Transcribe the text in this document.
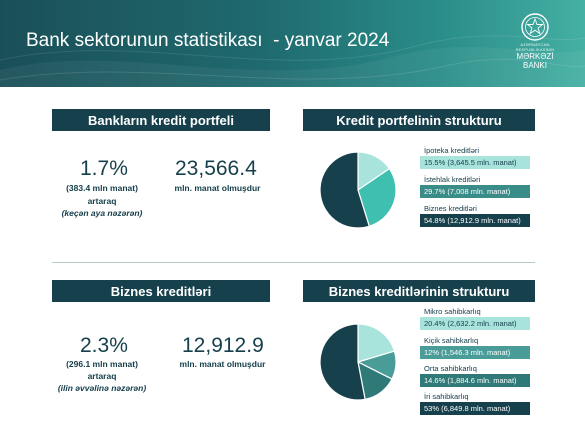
Bank sektorunun statistikası  - yanvar 2024	AZƏRBAYCAN
RESPUBLİKASININ
MƏRKƏZİ
BANKI
Bankların kredit portfeli	Kredit portfelinin strukturu
1.7%
(383.4 mln manat)
artaraq
(keçən aya nəzərən)
23,566.4
mln. manat olmuşdur
İpoteka kreditləri
15.5% (3,645.5 mln. manat)
İstehlak kreditləri
29.7% (7,008 mln. manat)
Biznes kreditləri
54.8% (12,912.9 mln. manat)
Biznes kreditləri	Biznes kreditlərinin strukturu
2.3%
(296.1 mln manat)
artaraq
(ilin əvvəlinə nəzərən)
12,912.9
mln. manat olmuşdur
Mikro sahibkarlıq
20.4% (2,632.2 mln. manat)
Kiçik sahibkarlıq
12% (1,546.3 mln. manat)
Orta sahibkarlıq
14.6% (1,884.6 mln. manat)
İri sahibkarlıq
53% (6,849.8 mln. manat)
